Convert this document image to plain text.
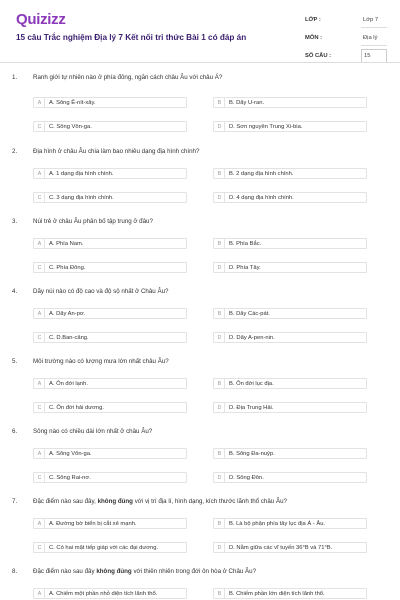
Quizizz
15 câu Trắc nghiệm Địa lý 7 Kết nối tri thức Bài 1 có đáp án
LỚP :	Lớp 7
MÔN :	Địa lý
SỐ CÂU :	15
1.	Ranh giới tự nhiên nào ở phía đông, ngăn cách châu Âu với châu Á?
A	A. Sông Ê-nít-xây.	B	B. Dãy U-ran.
C	C. Sông Vôn-ga.	D	D. Sơn nguyên Trung Xi-bia.
2.	Địa hình ở châu Âu chia làm bao nhiêu dạng địa hình chính?
A	A. 1 dạng địa hình chính.	B	B. 2 dạng địa hình chính.
C	C. 3 dạng địa hình chính.	D	D. 4 dạng địa hình chính.
3.	Núi trẻ ở châu Âu phân bố tập trung ở đâu?
A	A. Phía Nam.	B	B. Phía Bắc.
C	C. Phía Đông.	D	D. Phía Tây.
4.	Dãy núi nào có độ cao và độ sộ nhất ở Châu Âu?
A	A. Dãy An-pơ.	B	B. Dãy Các-pát.
C	C. D.Ban-căng.	D	D. Dãy A-pen-nin.
5.	Môi trường nào có lượng mưa lớn nhất châu Âu?
A	A. Ôn đới lạnh.	B	B. Ôn đới lục địa.
C	C. Ôn đới hải dương.	D	D. Địa Trung Hải.
6.	Sông nào có chiều dài lớn nhất ở châu Âu?
A	A. Sông Vôn-ga.	B	B. Sông Đa-nuýp.
C	C. Sông Rai-nơ.	D	D. Sông Đôn.
7.	Đặc điểm nào sau đây, không đúng với vị trí địa lí, hình dạng, kích thước lãnh thổ châu Âu?
A	A. Đường bờ biển bị cắt xẻ mạnh.	B	B. Là bộ phận phía tây lục địa Á - Âu.
C	C. Có hai mặt tiếp giáp với các đại dương.	D	D. Nằm giữa các vĩ tuyến 36°B và 71°B.
8.	Đặc điểm nào sau đây không đúng với thiên nhiên trong đới ôn hòa ở Châu Âu?
A	A. Chiếm một phần nhỏ diện tích lãnh thổ.	B	B. Chiếm phần lớn diện tích lãnh thổ.
